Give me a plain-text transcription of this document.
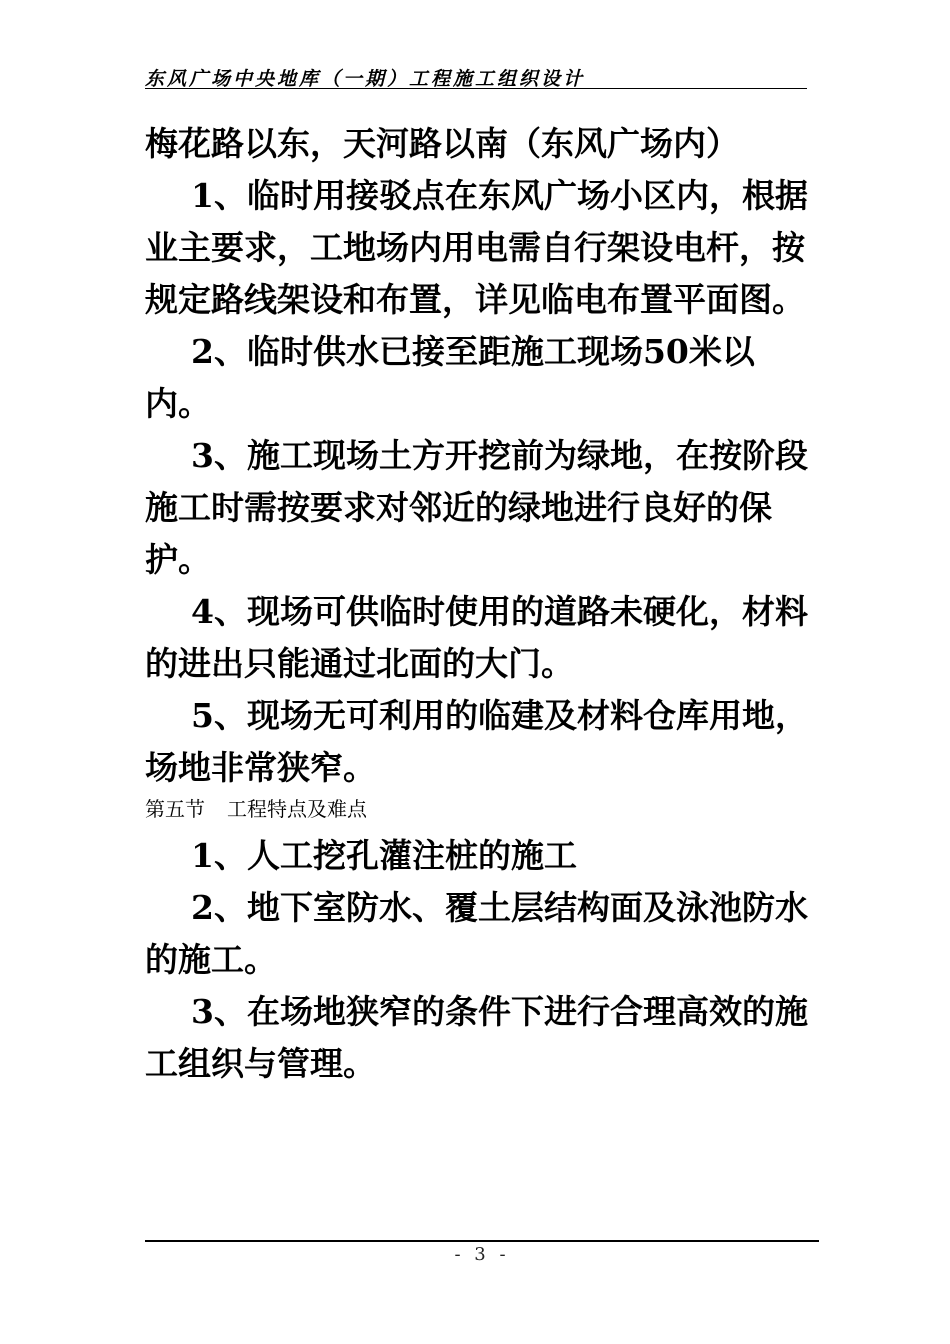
东风广场中央地库（一期）工程施工组织设计

梅花路以东，天河路以南（东风广场内）

1、临时用接驳点在东风广场小区内，根据业主要求，工地场内用电需自行架设电杆，按规定路线架设和布置，详见临电布置平面图。

2、临时供水已接至距施工现场50米以内。

3、施工现场土方开挖前为绿地，在按阶段施工时需按要求对邻近的绿地进行良好的保护。

4、现场可供临时使用的道路未硬化，材料的进出只能通过北面的大门。

5、现场无可利用的临建及材料仓库用地，场地非常狭窄。

第五节 工程特点及难点

1、人工挖孔灌注桩的施工

2、地下室防水、覆土层结构面及泳池防水的施工。

3、在场地狭窄的条件下进行合理高效的施工组织与管理。

- 3 -
